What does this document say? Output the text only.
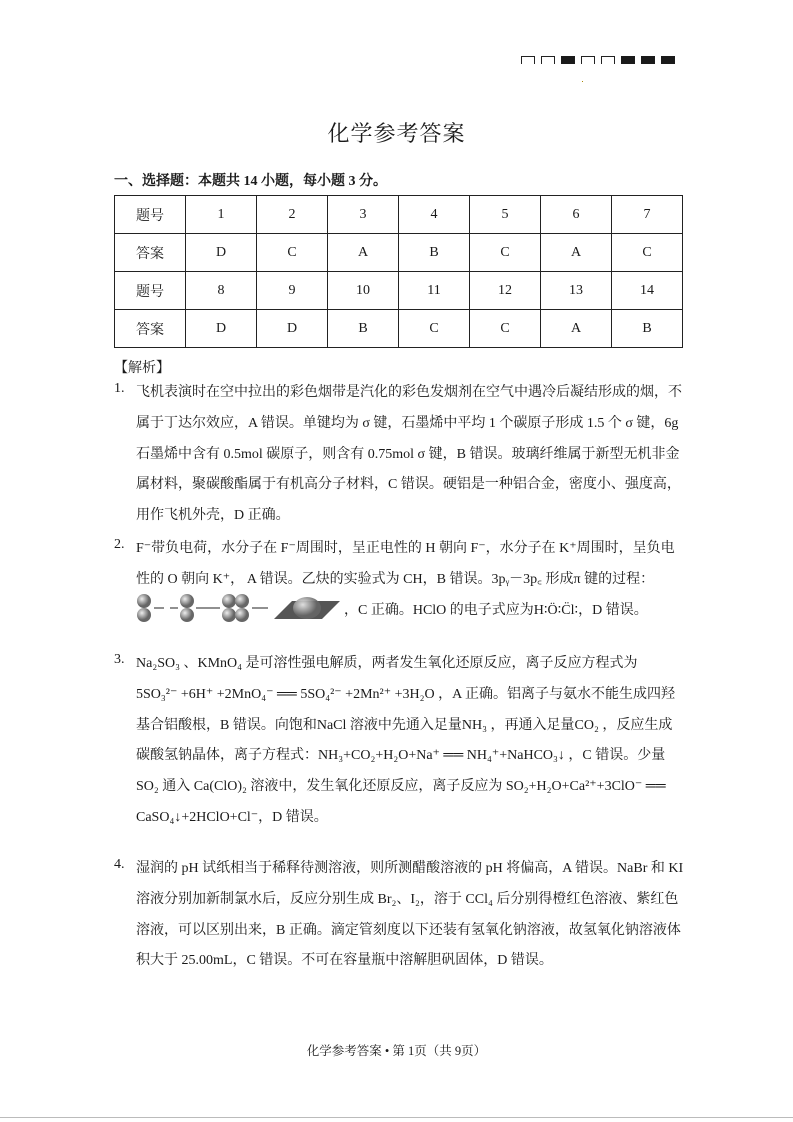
化学参考答案
一、选择题：本题共 14 小题，每小题 3 分。
题号	1	2	3	4	5	6	7
答案	D	C	A	B	C	A	C
题号	8	9	10	11	12	13	14
答案	D	D	B	C	C	A	B
【解析】
1. 飞机表演时在空中拉出的彩色烟带是汽化的彩色发烟剂在空气中遇冷后凝结形成的烟，不
属于丁达尔效应，A 错误。单键均为 σ 键，石墨烯中平均 1 个碳原子形成 1.5 个 σ 键，6g
石墨烯中含有 0.5mol 碳原子，则含有 0.75mol σ 键，B 错误。玻璃纤维属于新型无机非金
属材料，聚碳酸酯属于有机高分子材料，C 错误。硬铝是一种铝合金，密度小、强度高，
用作飞机外壳，D 正确。
2. F⁻带负电荷，水分子在 F⁻周围时，呈正电性的 H 朝向 F⁻，水分子在 K⁺周围时，呈负电
性的 O 朝向 K⁺， A 错误。乙炔的实验式为 CH，B 错误。3pᵧ－3p꜀ 形成π 键的过程：
，C 正确。HClO 的电子式应为H∶Ö∶C̈l∶，D 错误。
3. Na₂SO₃ 、KMnO₄ 是可溶性强电解质，两者发生氧化还原反应，离子反应方程式为
5SO₃²⁻ +6H⁺ +2MnO₄⁻ ══ 5SO₄²⁻ +2Mn²⁺ +3H₂O ，A 正确。铝离子与氨水不能生成四羟
基合铝酸根，B 错误。向饱和NaCl 溶液中先通入足量NH₃ ，再通入足量CO₂ ，反应生成
碳酸氢钠晶体，离子方程式：NH₃+CO₂+H₂O+Na⁺ ══ NH₄⁺+NaHCO₃↓ ，C 错误。少量
SO₂ 通入 Ca(ClO)₂ 溶液中，发生氧化还原反应，离子反应为 SO₂+H₂O+Ca²⁺+3ClO⁻ ══
CaSO₄↓+2HClO+Cl⁻，D 错误。
4. 湿润的 pH 试纸相当于稀释待测溶液，则所测醋酸溶液的 pH 将偏高，A 错误。NaBr 和 KI
溶液分别加新制氯水后，反应分别生成 Br₂、I₂，溶于 CCl₄ 后分别得橙红色溶液、紫红色
溶液，可以区别出来，B 正确。滴定管刻度以下还装有氢氧化钠溶液，故氢氧化钠溶液体
积大于 25.00mL，C 错误。不可在容量瓶中溶解胆矾固体，D 错误。
化学参考答案 • 第 1页（共 9页）
